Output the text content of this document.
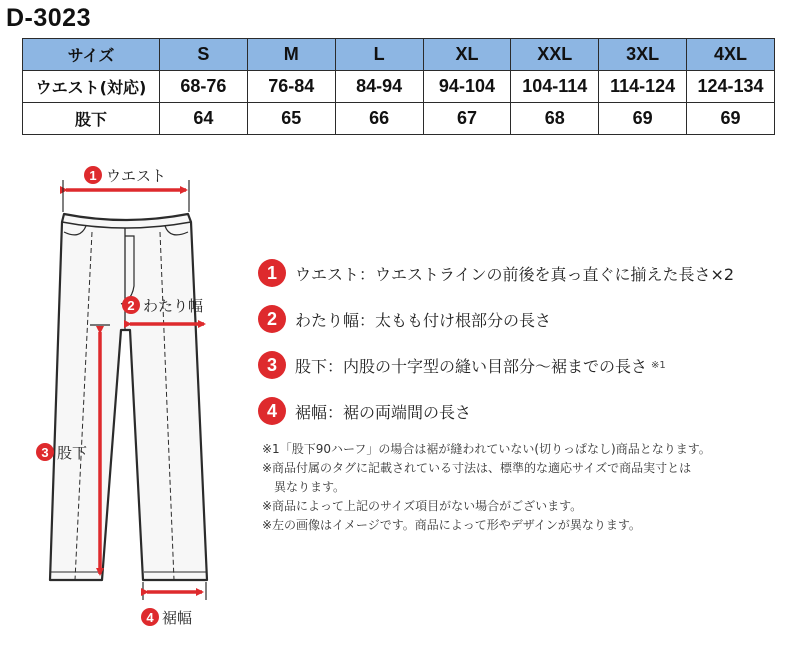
D-3023
サイズ	S	M	L	XL	XXL	3XL	4XL
ウエスト(対応)	68-76	76-84	84-94	94-104	104-114	114-124	124-134
股下	64	65	66	67	68	69	69
1 ウエスト
2 わたり幅
3 股下
4 裾幅
1	ウエスト：ウエストラインの前後を真っ直ぐに揃えた長さ×2
2	わたり幅：太もも付け根部分の長さ
3	股下：内股の十字型の縫い目部分～裾までの長さ ※1
4	裾幅：裾の両端間の長さ

※1「股下90ハーフ」の場合は裾が縫われていない(切りっぱなし)商品となります。

※商品付属のタグに記載されている寸法は、標準的な適応サイズで商品実寸とは

異なります。

※商品によって上記のサイズ項目がない場合がございます。

※左の画像はイメージです。商品によって形やデザインが異なります。
